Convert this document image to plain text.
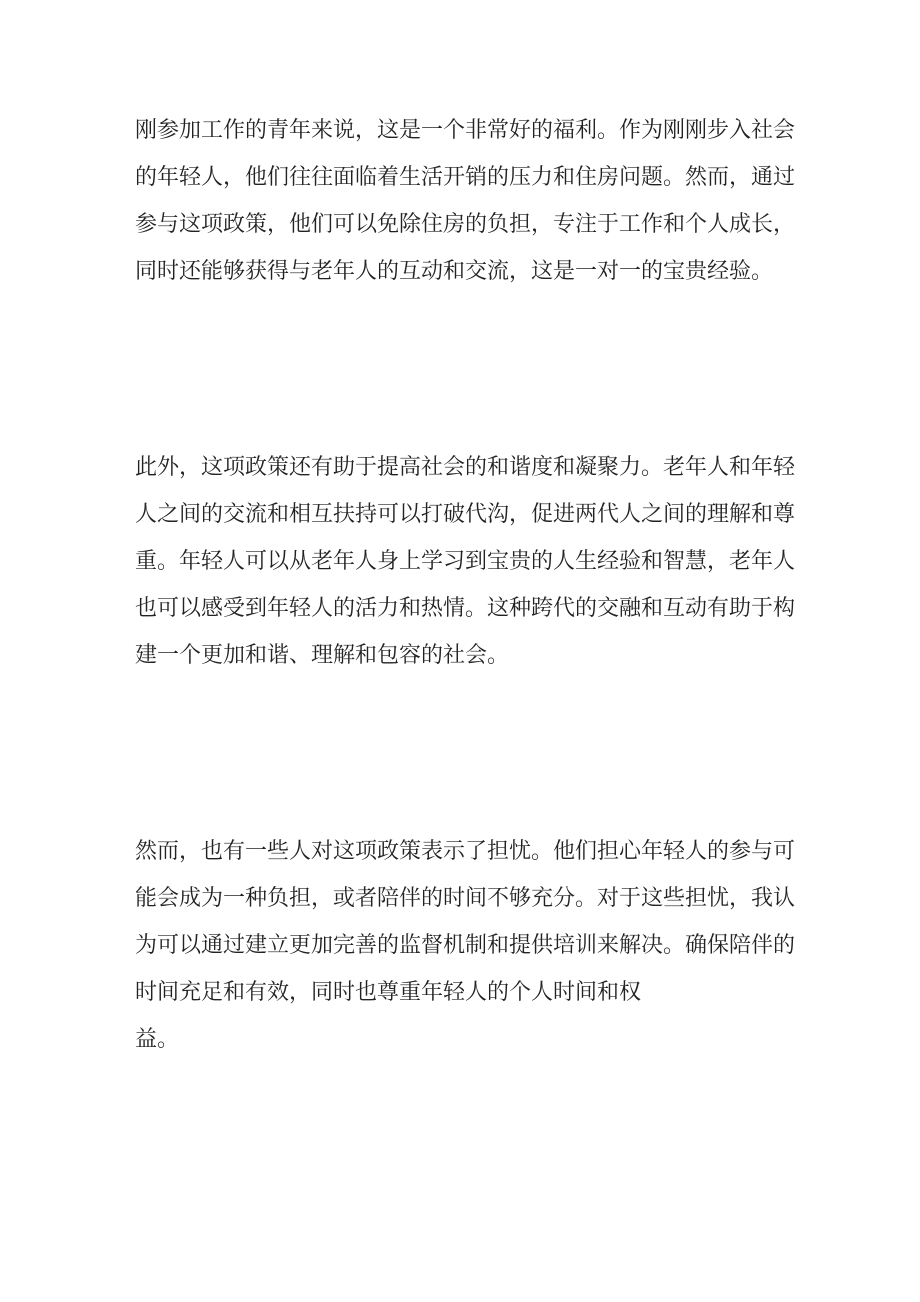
刚参加工作的青年来说，这是一个非常好的福利。作为刚刚步入社会
的年轻人，他们往往面临着生活开销的压力和住房问题。然而，通过
参与这项政策，他们可以免除住房的负担，专注于工作和个人成长，
同时还能够获得与老年人的互动和交流，这是一对一的宝贵经验。

此外，这项政策还有助于提高社会的和谐度和凝聚力。老年人和年轻
人之间的交流和相互扶持可以打破代沟，促进两代人之间的理解和尊
重。年轻人可以从老年人身上学习到宝贵的人生经验和智慧，老年人
也可以感受到年轻人的活力和热情。这种跨代的交融和互动有助于构
建一个更加和谐、理解和包容的社会。

然而，也有一些人对这项政策表示了担忧。他们担心年轻人的参与可
能会成为一种负担，或者陪伴的时间不够充分。对于这些担忧，我认
为可以通过建立更加完善的监督机制和提供培训来解决。确保陪伴的
时间充足和有效，同时也尊重年轻人的个人时间和权
益。
